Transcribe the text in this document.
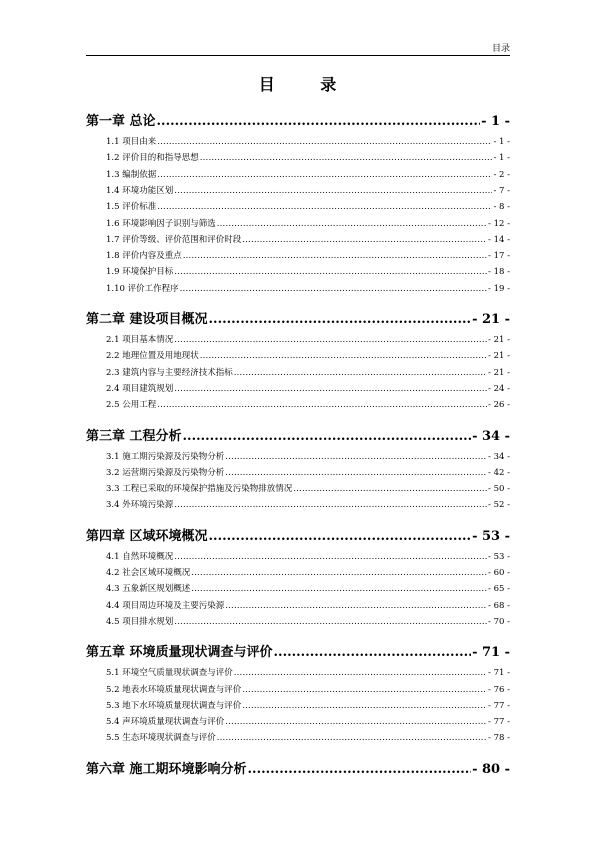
目录
目 录
第一章 总论 .....	- 1 -
1.1 项目由来 .....	- 1 -
1.2 评价目的和指导思想 .....	- 1 -
1.3 编制依据 .....	- 2 -
1.4 环境功能区划 .....	- 7 -
1.5 评价标准 .....	- 8 -
1.6 环境影响因子识别与筛选 .....	- 12 -
1.7 评价等级、评价范围和评价时段 .....	- 14 -
1.8 评价内容及重点 .....	- 17 -
1.9 环境保护目标 .....	- 18 -
1.10 评价工作程序 .....	- 19 -
第二章 建设项目概况 .....	- 21 -
2.1 项目基本情况 .....	- 21 -
2.2 地理位置及用地现状 .....	- 21 -
2.3 建筑内容与主要经济技术指标 .....	- 21 -
2.4 项目建筑规划 .....	- 24 -
2.5 公用工程 .....	- 26 -
第三章 工程分析 .....	- 34 -
3.1 施工期污染源及污染物分析 .....	- 34 -
3.2 运营期污染源及污染物分析 .....	- 42 -
3.3 工程已采取的环境保护措施及污染物排放情况 .....	- 50 -
3.4 外环境污染源 .....	- 52 -
第四章 区域环境概况 .....	- 53 -
4.1 自然环境概况 .....	- 53 -
4.2 社会区域环境概况 .....	- 60 -
4.3 五象新区规划概述 .....	- 65 -
4.4 项目周边环境及主要污染源 .....	- 68 -
4.5 项目排水规划 .....	- 70 -
第五章 环境质量现状调查与评价 .....	- 71 -
5.1 环境空气质量现状调查与评价 .....	- 71 -
5.2 地表水环境质量现状调查与评价 .....	- 76 -
5.3 地下水环境质量现状调查与评价 .....	- 77 -
5.4 声环境质量现状调查与评价 .....	- 77 -
5.5 生态环境现状调查与评价 .....	- 78 -
第六章 施工期环境影响分析 .....	- 80 -
